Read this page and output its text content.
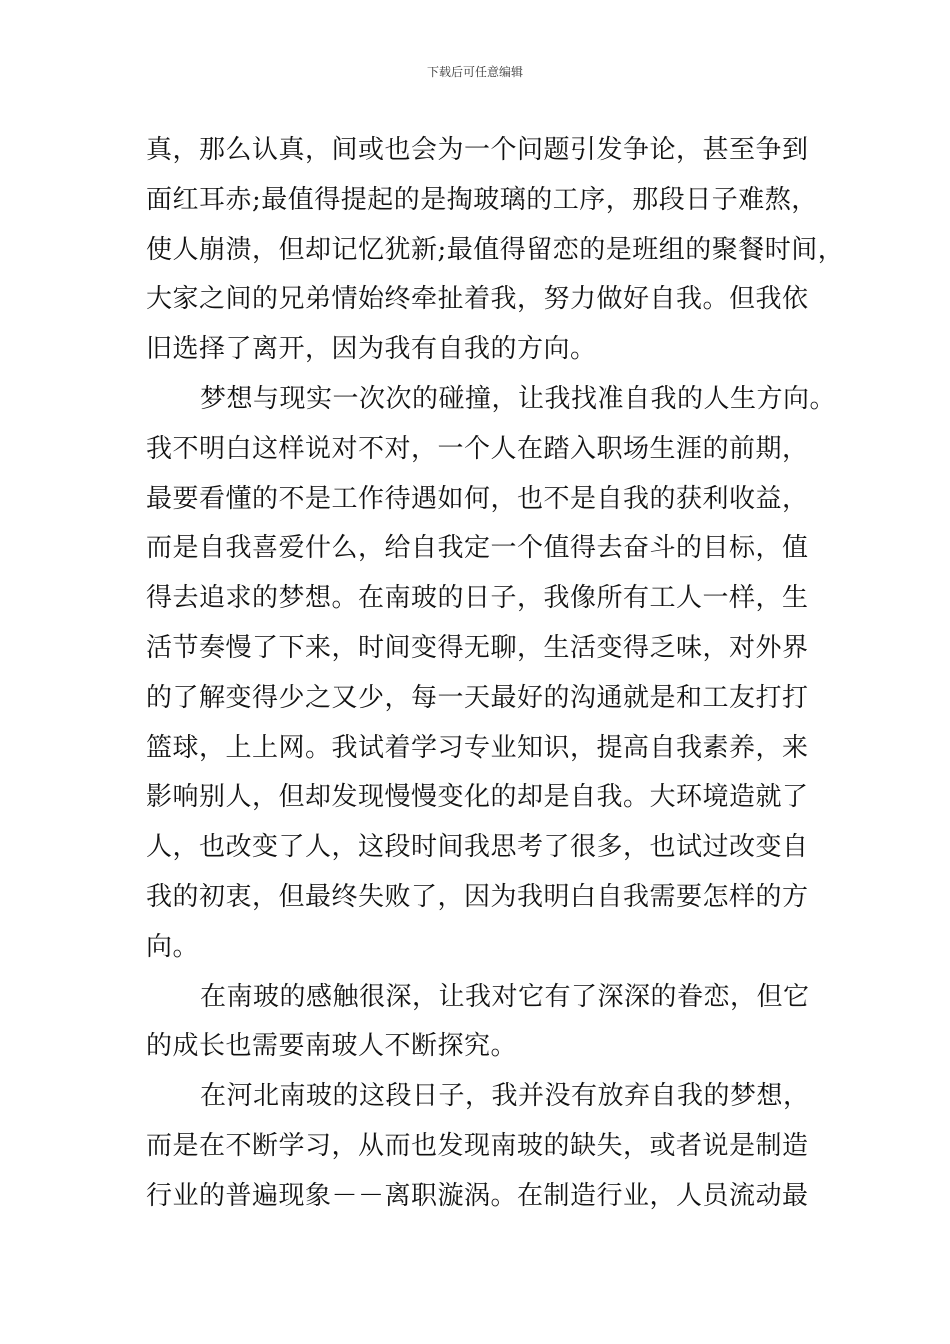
下载后可任意编辑
真，那么认真，间或也会为一个问题引发争论，甚至争到
面红耳赤;最值得提起的是掏玻璃的工序，那段日子难熬，
使人崩溃，但却记忆犹新;最值得留恋的是班组的聚餐时间，
大家之间的兄弟情始终牵扯着我，努力做好自我。但我依
旧选择了离开，因为我有自我的方向。
梦想与现实一次次的碰撞，让我找准自我的人生方向。
我不明白这样说对不对，一个人在踏入职场生涯的前期，
最要看懂的不是工作待遇如何，也不是自我的获利收益，
而是自我喜爱什么，给自我定一个值得去奋斗的目标，值
得去追求的梦想。在南玻的日子，我像所有工人一样，生
活节奏慢了下来，时间变得无聊，生活变得乏味，对外界
的了解变得少之又少，每一天最好的沟通就是和工友打打
篮球，上上网。我试着学习专业知识，提高自我素养，来
影响别人，但却发现慢慢变化的却是自我。大环境造就了
人，也改变了人，这段时间我思考了很多，也试过改变自
我的初衷，但最终失败了，因为我明白自我需要怎样的方
向。
在南玻的感触很深，让我对它有了深深的眷恋，但它
的成长也需要南玻人不断探究。
在河北南玻的这段日子，我并没有放弃自我的梦想，
而是在不断学习，从而也发现南玻的缺失，或者说是制造
行业的普遍现象－－离职漩涡。在制造行业，人员流动最
